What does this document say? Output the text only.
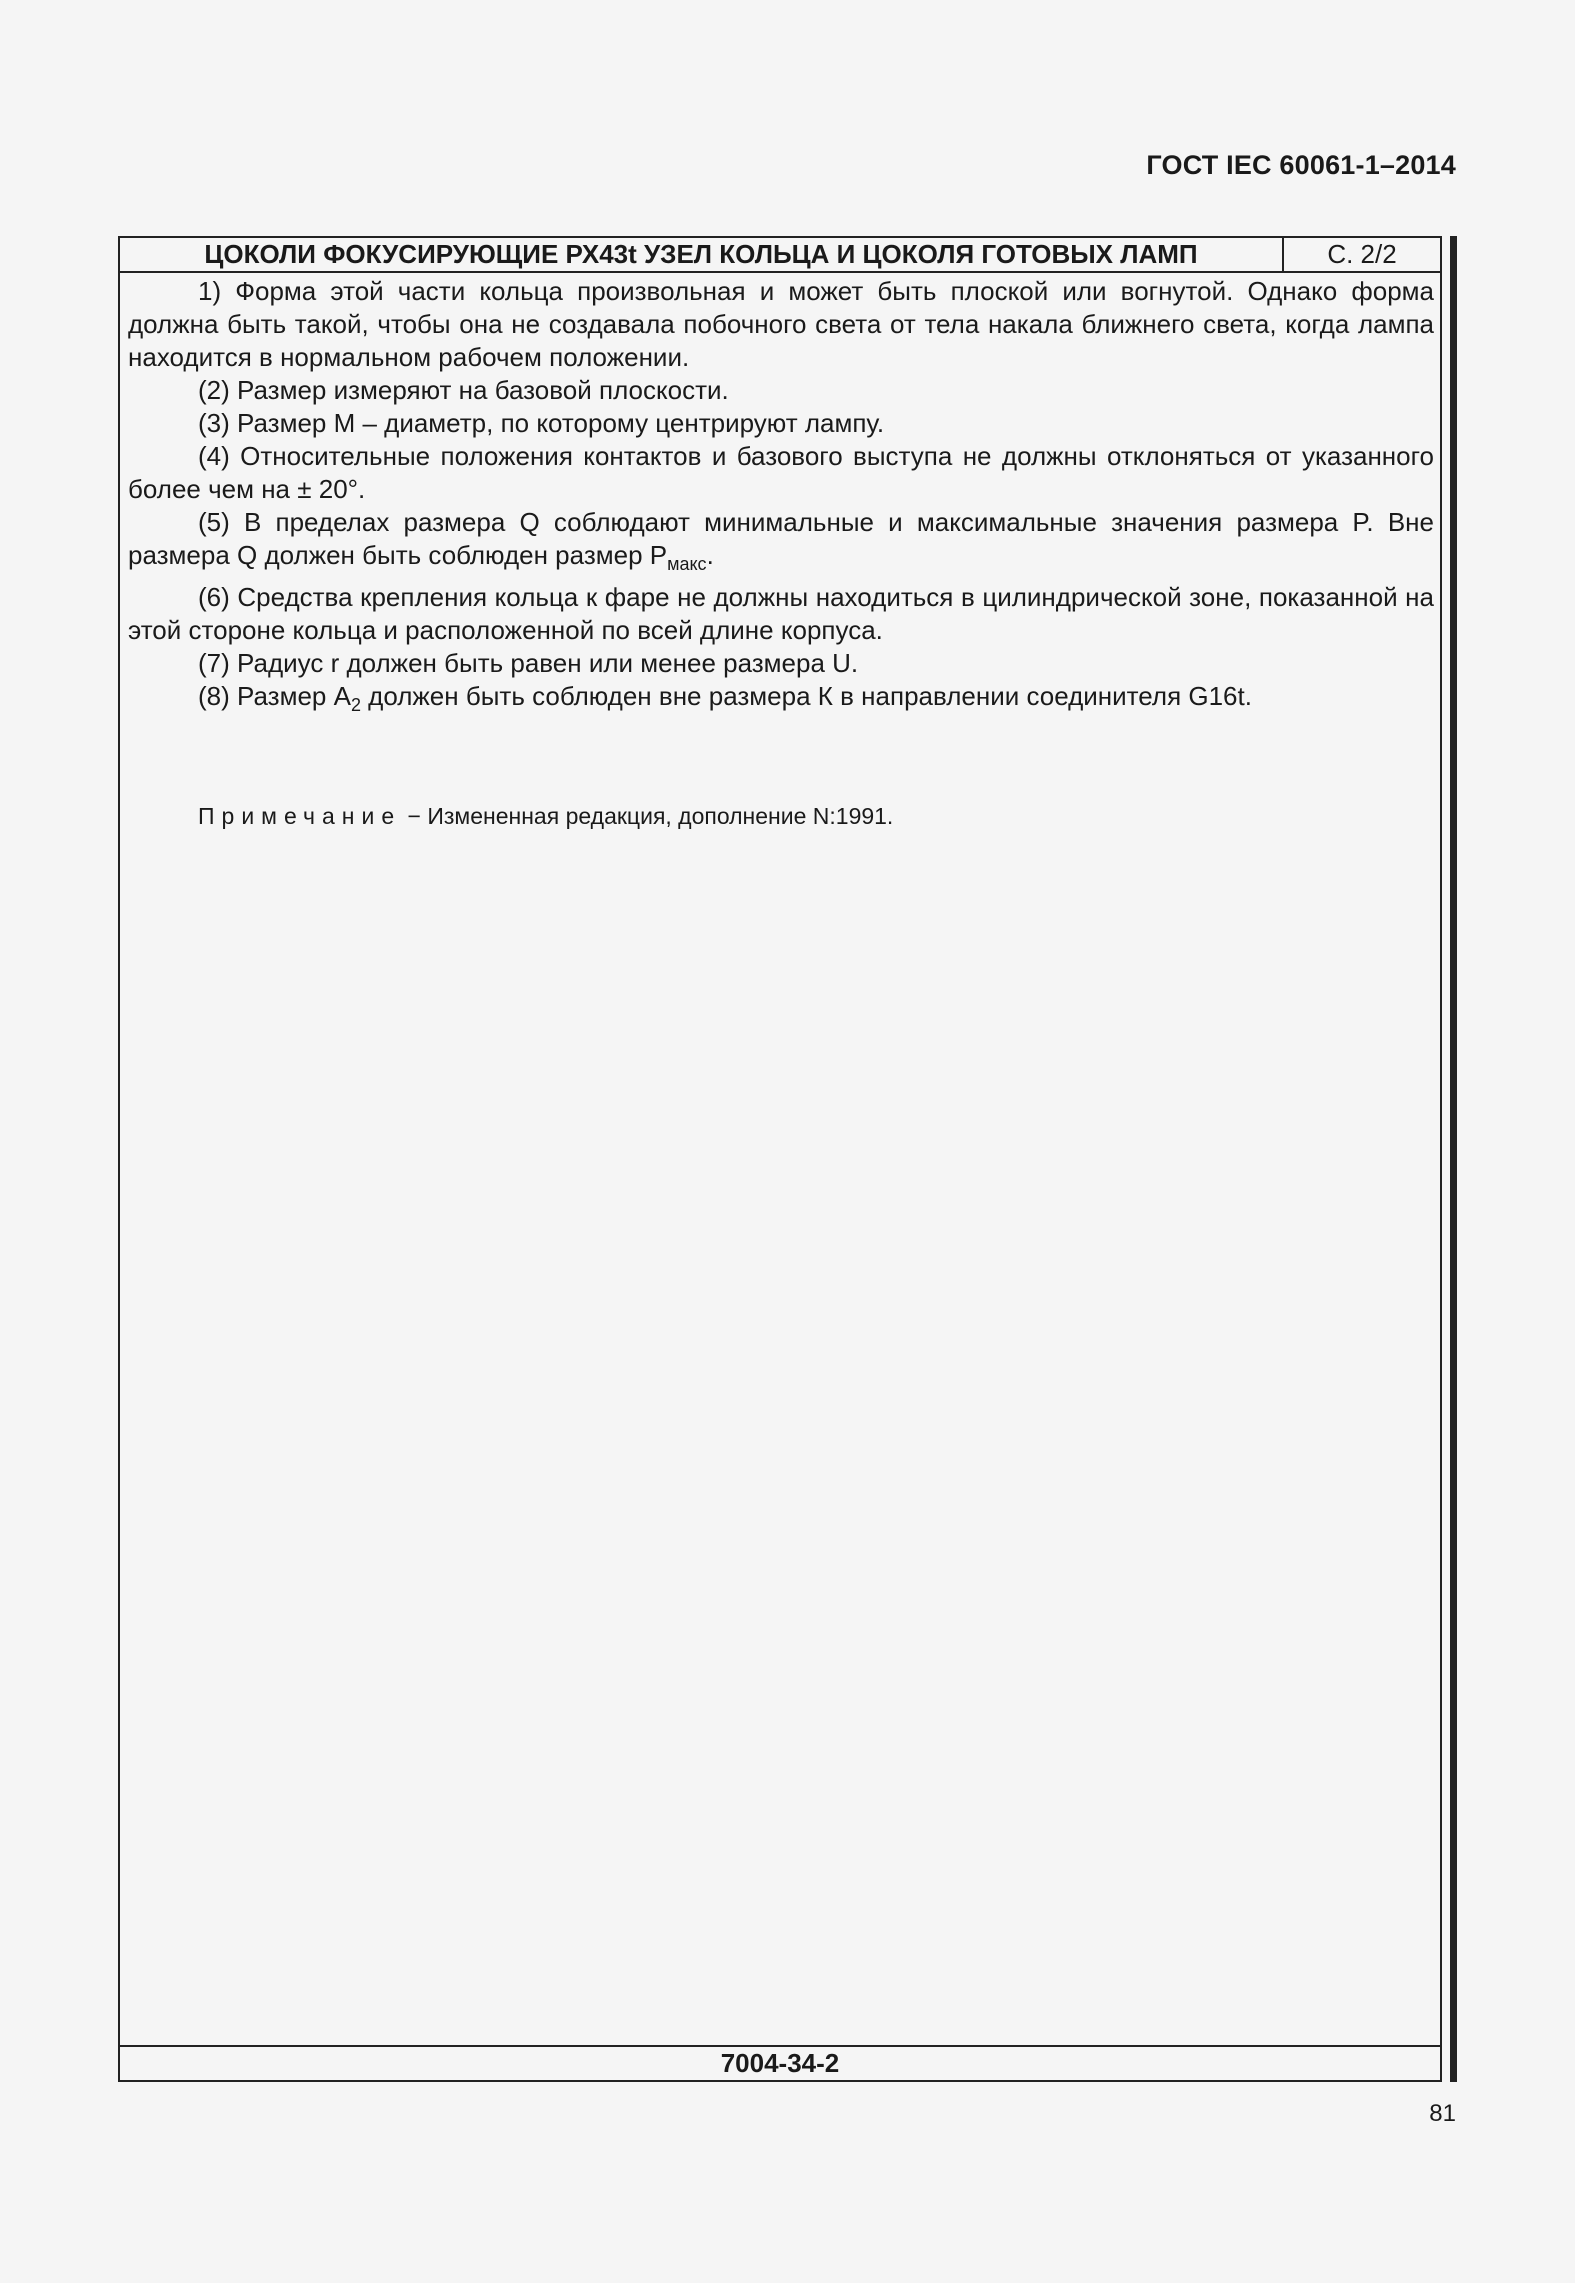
ГОСТ IEC 60061-1–2014
ЦОКОЛИ ФОКУСИРУЮЩИЕ РХ43t УЗЕЛ КОЛЬЦА И ЦОКОЛЯ ГОТОВЫХ ЛАМП	С. 2/2

1) Форма этой части кольца произвольная и может быть плоской или вогнутой. Однако форма должна быть такой, чтобы она не создавала побочного света от тела накала ближнего света, когда лампа находится в нормальном рабочем положении.

(2) Размер измеряют на базовой плоскости.

(3) Размер М – диаметр, по которому центрируют лампу.

(4) Относительные положения контактов и базового выступа не должны отклоняться от указанного более чем на ± 20°.

(5) В пределах размера Q соблюдают минимальные и максимальные значения размера P. Вне размера Q должен быть соблюден размер $P_{макс}$.

(6) Средства крепления кольца к фаре не должны находиться в цилиндрической зоне, показанной на этой стороне кольца и расположенной по всей длине корпуса.

(7) Радиус r должен быть равен или менее размера U.

(8) Размер $A_2$ должен быть соблюден вне размера К в направлении соединителя G16t.

Примечание − Измененная редакция, дополнение N:1991.

7004-34-2
81
